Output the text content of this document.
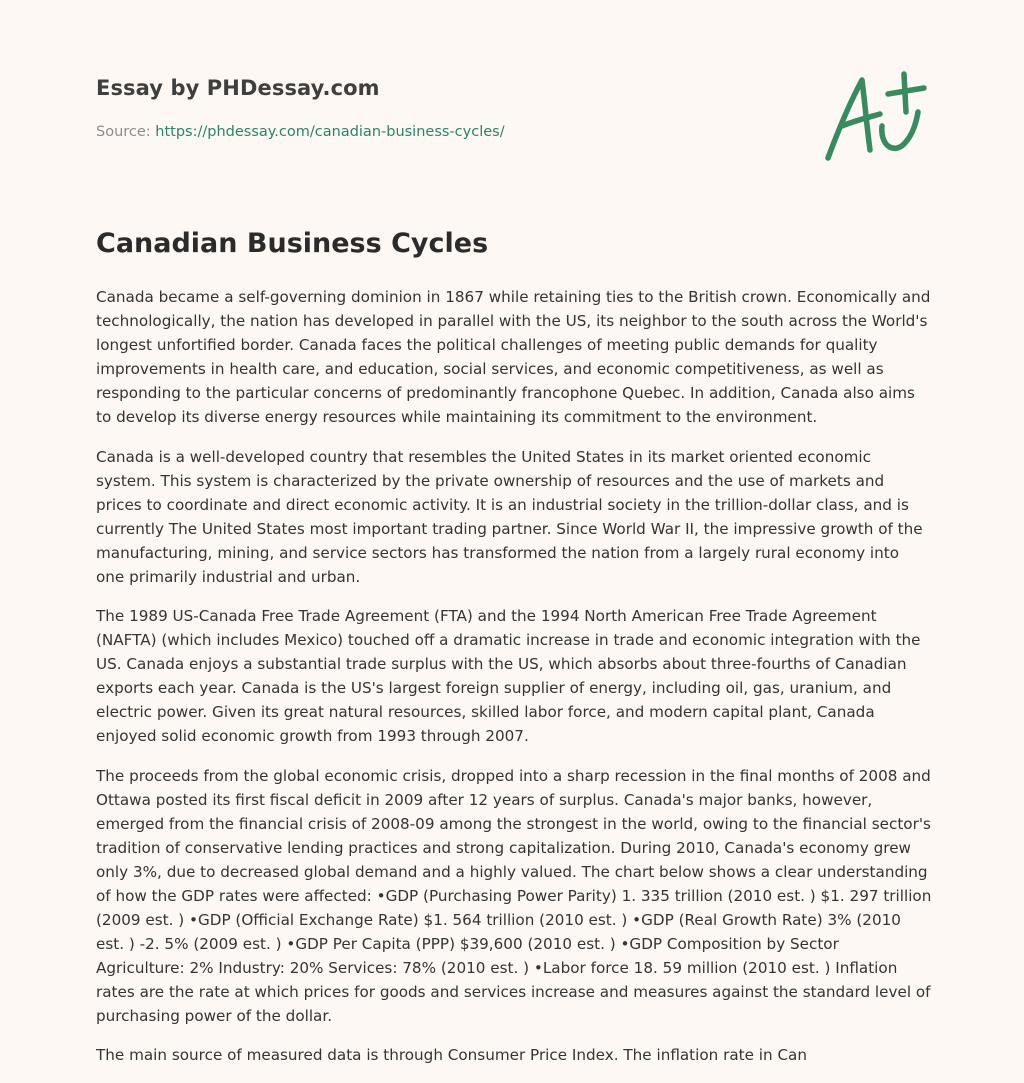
Essay by PHDessay.com
Source: https://phdessay.com/canadian-business-cycles/
Canadian Business Cycles

Canada became a self-governing dominion in 1867 while retaining ties to the British crown. Economically and technologically, the nation has developed in parallel with the US, its neighbor to the south across the World's longest unfortified border. Canada faces the political challenges of meeting public demands for quality improvements in health care, and education, social services, and economic competitiveness, as well as responding to the particular concerns of predominantly francophone Quebec. In addition, Canada also aims to develop its diverse energy resources while maintaining its commitment to the environment.

Canada is a well-developed country that resembles the United States in its market oriented economic system. This system is characterized by the private ownership of resources and the use of markets and prices to coordinate and direct economic activity. It is an industrial society in the trillion-dollar class, and is currently The United States most important trading partner. Since World War II, the impressive growth of the manufacturing, mining, and service sectors has transformed the nation from a largely rural economy into one primarily industrial and urban.

The 1989 US-Canada Free Trade Agreement (FTA) and the 1994 North American Free Trade Agreement (NAFTA) (which includes Mexico) touched off a dramatic increase in trade and economic integration with the US. Canada enjoys a substantial trade surplus with the US, which absorbs about three-fourths of Canadian exports each year. Canada is the US's largest foreign supplier of energy, including oil, gas, uranium, and electric power. Given its great natural resources, skilled labor force, and modern capital plant, Canada enjoyed solid economic growth from 1993 through 2007.

The proceeds from the global economic crisis, dropped into a sharp recession in the final months of 2008 and Ottawa posted its first fiscal deficit in 2009 after 12 years of surplus. Canada's major banks, however, emerged from the financial crisis of 2008-09 among the strongest in the world, owing to the financial sector's tradition of conservative lending practices and strong capitalization. During 2010, Canada's economy grew only 3%, due to decreased global demand and a highly valued. The chart below shows a clear understanding of how the GDP rates were affected: •GDP (Purchasing Power Parity) 1. 335 trillion (2010 est. ) $1. 297 trillion (2009 est. ) •GDP (Official Exchange Rate) $1. 564 trillion (2010 est. ) •GDP (Real Growth Rate) 3% (2010 est. ) -2. 5% (2009 est. ) •GDP Per Capita (PPP) $39,600 (2010 est. ) •GDP Composition by Sector Agriculture: 2% Industry: 20% Services: 78% (2010 est. ) •Labor force 18. 59 million (2010 est. ) Inflation rates are the rate at which prices for goods and services increase and measures against the standard level of purchasing power of the dollar.

The main source of measured data is through Consumer Price Index. The inflation rate in Can
